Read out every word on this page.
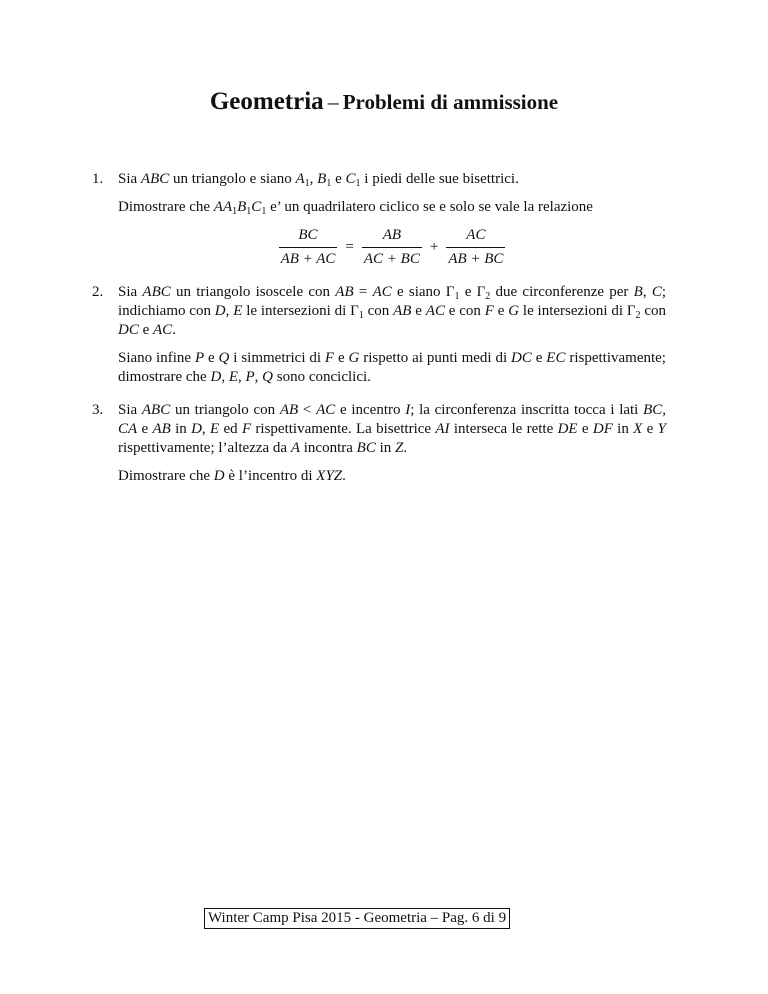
Geometria – Problemi di ammissione
1. Sia ABC un triangolo e siano $A_1$, $B_1$ e $C_1$ i piedi delle sue bisettrici.

Dimostrare che $AA_1B_1C_1$ e’ un quadrilatero ciclico se e solo se vale la relazione

$\frac{BC}{AB + AC} = \frac{AB}{AC + BC} + \frac{AC}{AB + BC}$
2. Sia ABC un triangolo isoscele con AB = AC e siano $\Gamma_1$ e $\Gamma_2$ due circonferenze per B, C; indichiamo con D, E le intersezioni di $\Gamma_1$ con AB e AC e con F e G le intersezioni di $\Gamma_2$ con DC e AC.

Siano infine P e Q i simmetrici di F e G rispetto ai punti medi di DC e EC rispettivamente; dimostrare che D, E, P, Q sono conciclici.

3. Sia ABC un triangolo con AB < AC e incentro I; la circonferenza inscritta tocca i lati BC, CA e AB in D, E ed F rispettivamente. La bisettrice AI interseca le rette DE e DF in X e Y rispettivamente; l’altezza da A incontra BC in Z.

Dimostrare che D è l’incentro di XYZ.

Winter Camp Pisa 2015 - Geometria – Pag. 6 di 9
